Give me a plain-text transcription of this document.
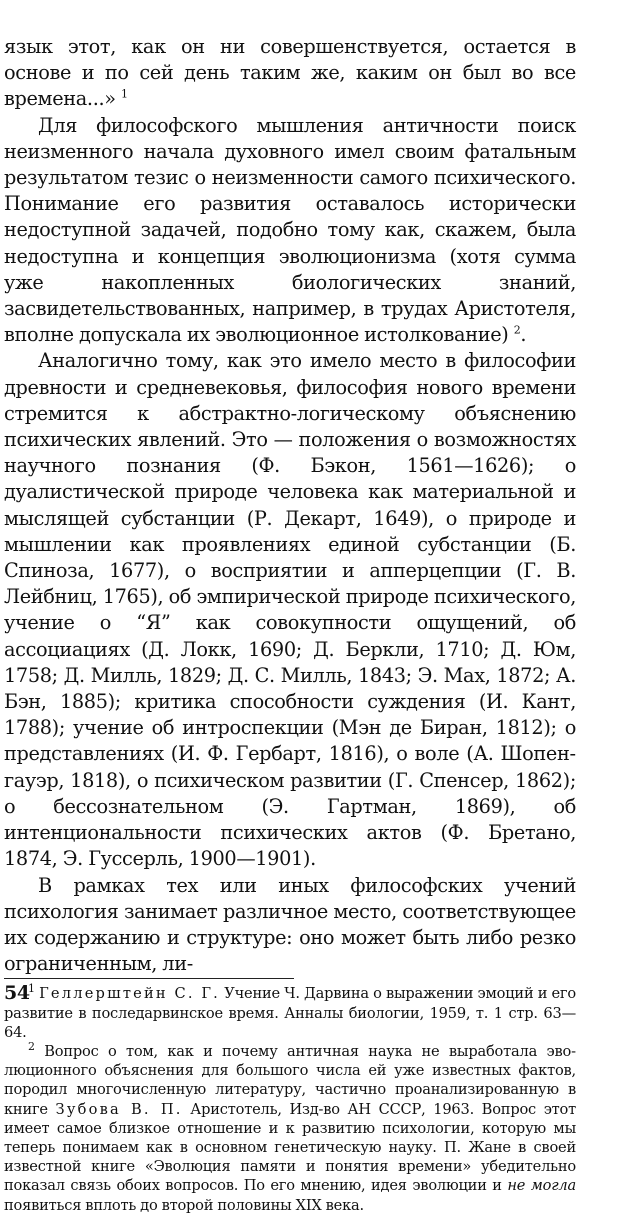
язык этот, как он ни совершенствуется, остается в основе и по сей день таким же, каким он был во все времена...» $^1$

Для философского мышления античности поиск неизменного начала духовного имел своим фатальным результатом тезис о неизменности самого психического. Понимание его развития оставалось исторически недоступной задачей, подобно тому как, скажем, была недоступна и концепция эволюционизма (хотя сумма уже накопленных биологических знаний, засвидетельствованных, например, в трудах Аристотеля, вполне допускала их эволюционное истолкование) $^2$.

Аналогично тому, как это имело место в философии древности и средневековья, философия нового времени стремится к абстрактно-логическому объяснению психических явлений. Это — положения о возможностях научного познания (Ф. Бэкон, 1561—1626); о дуалистической природе человека как материальной и мыслящей субстанции (Р. Декарт, 1649), о природе и мышлении как проявлениях единой субстанции (Б. Спиноза, 1677), о восприятии и апперцепции (Г. В. Лейбниц, 1765), об эмпирической природе психического, учение о “Я” как совокупности ощущений, об ассоциациях (Д. Локк, 1690; Д. Беркли, 1710; Д. Юм, 1758; Д. Милль, 1829; Д. С. Милль, 1843; Э. Мах, 1872; А. Бэн, 1885); критика способности суждения (И. Кант, 1788); учение об интроспекции (Мэн де Биран, 1812); о представлениях (И. Ф. Гербарт, 1816), о воле (А. Шопенгауэр, 1818), о психическом развитии (Г. Спенсер, 1862); о бессознательном (Э. Гартман, 1869), об интенциональности психических актов (Ф. Бретано, 1874, Э. Гуссерль, 1900—1901).

В рамках тех или иных философских учений психология занимает различное место, соответствующее их содержанию и структуре: оно может быть либо резко ограниченным, ли-

$^1$ Геллерштейн С. Г. Учение Ч. Дарвина о выражении эмоций и его развитие в последарвинское время. Анналы биологии, 1959, т. 1 стр. 63—64.

$^2$ Вопрос о том, как и почему античная наука не выработала эволюционного объяснения для большого числа ей уже известных фактов, породил многочисленную литературу, частично проанализированную в книге Зубова В. П. Аристотель, Изд-во АН СССР, 1963. Вопрос этот имеет самое близкое отношение и к развитию психологии, которую мы теперь понимаем как в основном генетическую науку. П. Жане в своей известной книге «Эволюция памяти и понятия времени» убедительно показал связь обоих вопросов. По его мнению, идея эволюции и не могла появиться вплоть до второй половины XIX века.

54
